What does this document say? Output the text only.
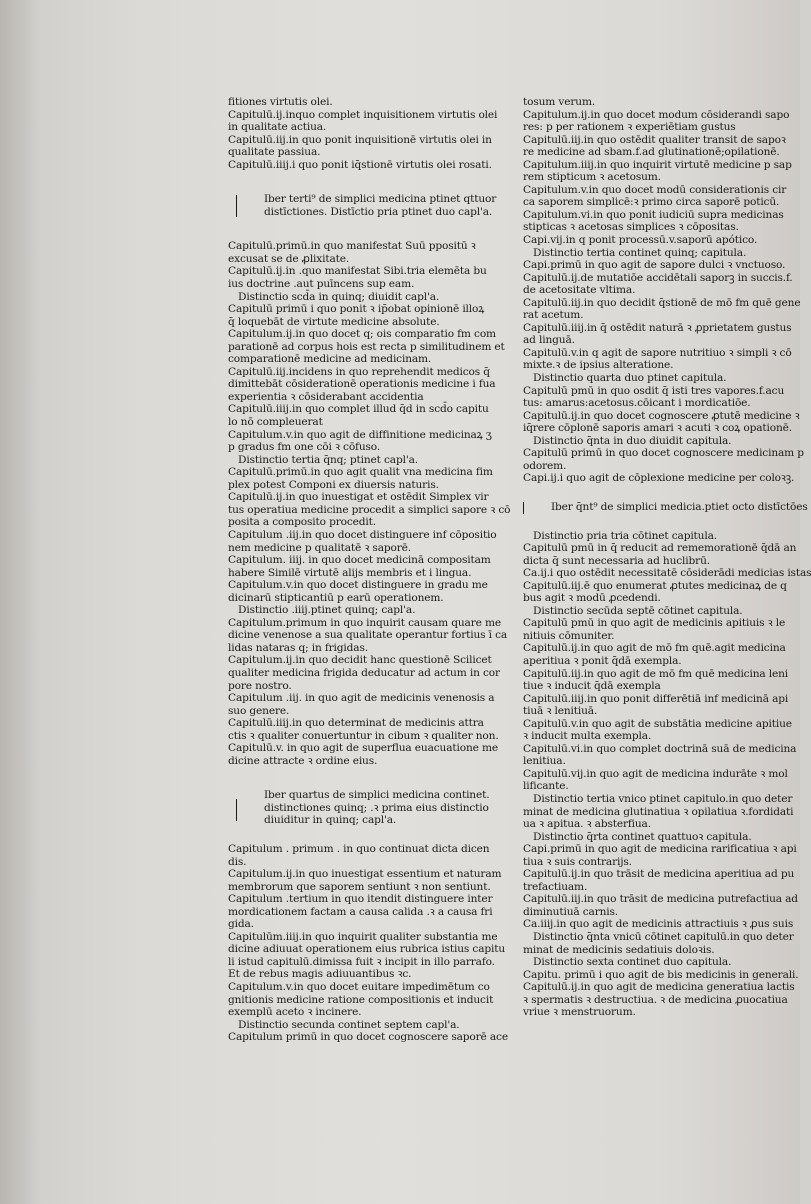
fitiones virtutis olei.
Capitulū.ij.inquo complet inquisitionem virtutis olei
in qualitate actiua.
Capitulū.iij.in quo ponit inquisitionē virtutis olei in
qualitate passiua.
Capitulū.iiij.i quo ponit iq̄stionē virtutis olei rosati.
Iber terti⁹ de simplici medicina ptinet qttuor
distīctiones. Distīctio pria ptinet duo capl'a.
Capitulū.primū.in quo manifestat Suū ppositū ꝛ
excusat se de ꝓlixitate.
Capitulū.ij.in .quo manifestat Sibi.tria elemēta bu
ius doctrine .aut puīncens sup eam.
Distinctio scd̄a in quinq; diuidit capl'a.
Capitulū primū i quo ponit ꝛ ip̄obat opinionē illoꝝ
q̄ loquebāt de virtute medicine absolute.
Capitulum.ij.in quo docet q; ois comparatio fm com
parationē ad corpus hois est recta p similitudinem et
comparationē medicine ad medicinam.
Capitulū.iij.incidens in quo reprehendit medicos q̄
dimittebāt cōsiderationē operationis medicine i fua
experientia ꝛ cōsiderabant accidentia
Capitulū.iiij.in quo complet illud q̄d in scd̄o capitu
lo nō compleuerat
Capitulum.v.in quo agit de diffinitione medicinaꝝ ʒ
p gradus fm one cōi ꝛ cōfuso.
Distinctio tertia q̄nq; ptinet capl'a.
Capitulū.primū.in quo agit qualit vna medicina fim
plex potest Componi ex diuersis naturis.
Capitulū.ij.in quo inuestigat et ostēdit Simplex vir
tus operatiua medicine procedit a simplici sapore ꝛ cō
posita a composito procedit.
Capitulum .iij.in quo docet distinguere inf cōpositio
nem medicine p qualitatē ꝛ saporē.
Capitulum. iiij. in quo docet medicinā compositam
habere Similē virtutē alijs membris et i lingua.
Capitulum.v.in quo docet distinguere in gradu me
dicinarū stipticantiū p earū operationem.
Distinctio .iiij.ptinet quinq; capl'a.
Capitulum.primum in quo inquirit causam quare me
dicine venenose a sua qualitate operantur fortius ī ca
lidas nataras q; in frigidas.
Capitulum.ij.in quo decidit hanc questionē Scilicet
qualiter medicina frigida deducatur ad actum in cor
pore nostro.
Capitulum .iij. in quo agit de medicinis venenosis a
suo genere.
Capitulū.iiij.in quo determinat de medicinis attra
ctis ꝛ qualiter conuertuntur in cibum ꝛ qualiter non.
Capitulū.v. in quo agit de superflua euacuatione me
dicine attracte ꝛ ordine eius.
Iber quartus de simplici medicina continet.
distinctiones quinq; .ꝛ prima eius distinctio
diuiditur in quinq; capl'a.
Capitulum . primum . in quo continuat dicta dicen
dis.
Capitulum.ij.in quo inuestigat essentium et naturam
membrorum que saporem sentiunt ꝛ non sentiunt.
Capitulum .tertium in quo itendit distinguere inter
mordicationem factam a causa calida .ꝛ a causa fri
gida.
Capitulūm.iiij.in quo inquirit qualiter substantia me
dicine adiuuat operationem eius rubrica istius capitu
li istud capitulū.dimissa fuit ꝛ incipit in illo parrafo.
Et de rebus magis adiuuantibus ꝛc.
Capitulum.v.in quo docet euitare impedimētum co
gnitionis medicine ratione compositionis et inducit
exemplū aceto ꝛ incinere.
Distinctio secunda continet septem capl'a.
Capitulum primū in quo docet cognoscere saporē ace
tosum verum.
Capitulum.ij.in quo docet modum cōsiderandi sapo
res: p per rationem ꝛ experiētiam gustus
Capitulū.iij.in quo ostēdit qualiter transit de sapoꝛ
re medicine ad sbam.f.ad glutinationē;opilationē.
Capitulum.iiij.in quo inquirit virtutē medicine p sap
rem stipticum ꝛ acetosum.
Capitulum.v.in quo docet modū considerationis cir
ca saporem simplicē:ꝛ primo circa saporē poticū.
Capitulum.vi.in quo ponit iudiciū supra medicinas
stipticas ꝛ acetosas simplices ꝛ cōpositas.
Capi.vij.in q ponit processū.v.saporū apótico.
Distinctio tertia continet quinq; capitula.
Capi.primū in quo agit de sapore dulci ꝛ vnctuoso.
Capitulū.ij.de mutatiōe accidētali saporꝫ in succis.f.
de acetositate vltima.
Capitulū.iij.in quo decidit q̄stionē de mō fm quē gene
rat acetum.
Capitulū.iiij.in q̄ ostēdit naturā ꝛ ꝓprietatem gustus
ad linguā.
Capitulū.v.in q agit de sapore nutritiuo ꝛ simpli ꝛ cō
mixte.ꝛ de ipsius alteratione.
Distinctio quarta duo ptinet capitula.
Capitulū pmū in quo osdit q̄ isti tres vapores.f.acu
tus: amarus:acetosus.cōicant i mordicatiōe.
Capitulū.ij.in quo docet cognoscere ꝓtutē medicine ꝛ
iq̄rere cōplonē saporis amari ꝛ acuti ꝛ coꝝ opationē.
Distinctio q̄nta in duo diuidit capitula.
Capitulū primū in quo docet cognoscere medicinam p
odorem.
Capi.ij.i quo agit de cōplexione medicine per coloꝛꝫ.
Iber q̄nt⁹ de simplici medicia.ptiet octo distīctōes
Distinctio pria tria cōtinet capitula.
Capitulū pmū in q̄ reducit ad rememorationē q̄dā an
dicta q̄ sunt necessaria ad huclibrū.
Ca.ij.i quo ostēdit necessitatē cōsiderādi medicias istas
Capitulū.iij.ē quo enumerat ꝓtutes medicinaꝝ de q
bus agit ꝛ modū ꝓcedendi.
Distinctio secūda septē cōtinet capitula.
Capitulū pmū in quo agit de medicinis apitiuis ꝛ le
nitiuis cōmuniter.
Capitulū.ij.in quo agit de mō fm quē.agit medicina
aperitiua ꝛ ponit q̄dā exempla.
Capitulū.iij.in quo agit de mō fm quē medicina leni
tiue ꝛ inducit q̄dā exempla
Capitulū.iiij.in quo ponit differētiā inf medicinā api
tiuā ꝛ lenitiuā.
Capitulū.v.in quo agit de substātia medicine apitiue
ꝛ inducit multa exempla.
Capitulū.vi.in quo complet doctrinā suā de medicina
lenitiua.
Capitulū.vij.in quo agit de medicina indurāte ꝛ mol
lificante.
Distinctio tertia vnico ptinet capitulo.in quo deter
minat de medicina glutinatiua ꝛ opilatiua ꝛ.fordidati
ua ꝛ apitua. ꝛ absterfiua.
Distinctio q̄rta continet quattuoꝛ capitula.
Capi.primū in quo agit de medicina rarificatiua ꝛ api
tiua ꝛ suis contrarijs.
Capitulū.ij.in quo trāsit de medicina aperitiua ad pu
trefactiuam.
Capitulū.iij.in quo trāsit de medicina putrefactiua ad
diminutiuā carnis.
Ca.iiij.in quo agit de medicinis attractiuis ꝛ ꝓus suis
Distinctio q̄nta vnicū cōtinet capitulū.in quo deter
minat de medicinis sedatiuis doloꝛis.
Distinctio sexta continet duo capitula.
Capitu. primū i quo agit de bis medicinis in generali.
Capitulū.ij.in quo agit de medicina generatiua lactis
ꝛ spermatis ꝛ destructiua. ꝛ de medicina ꝓuocatiua
vriue ꝛ menstruorum.
